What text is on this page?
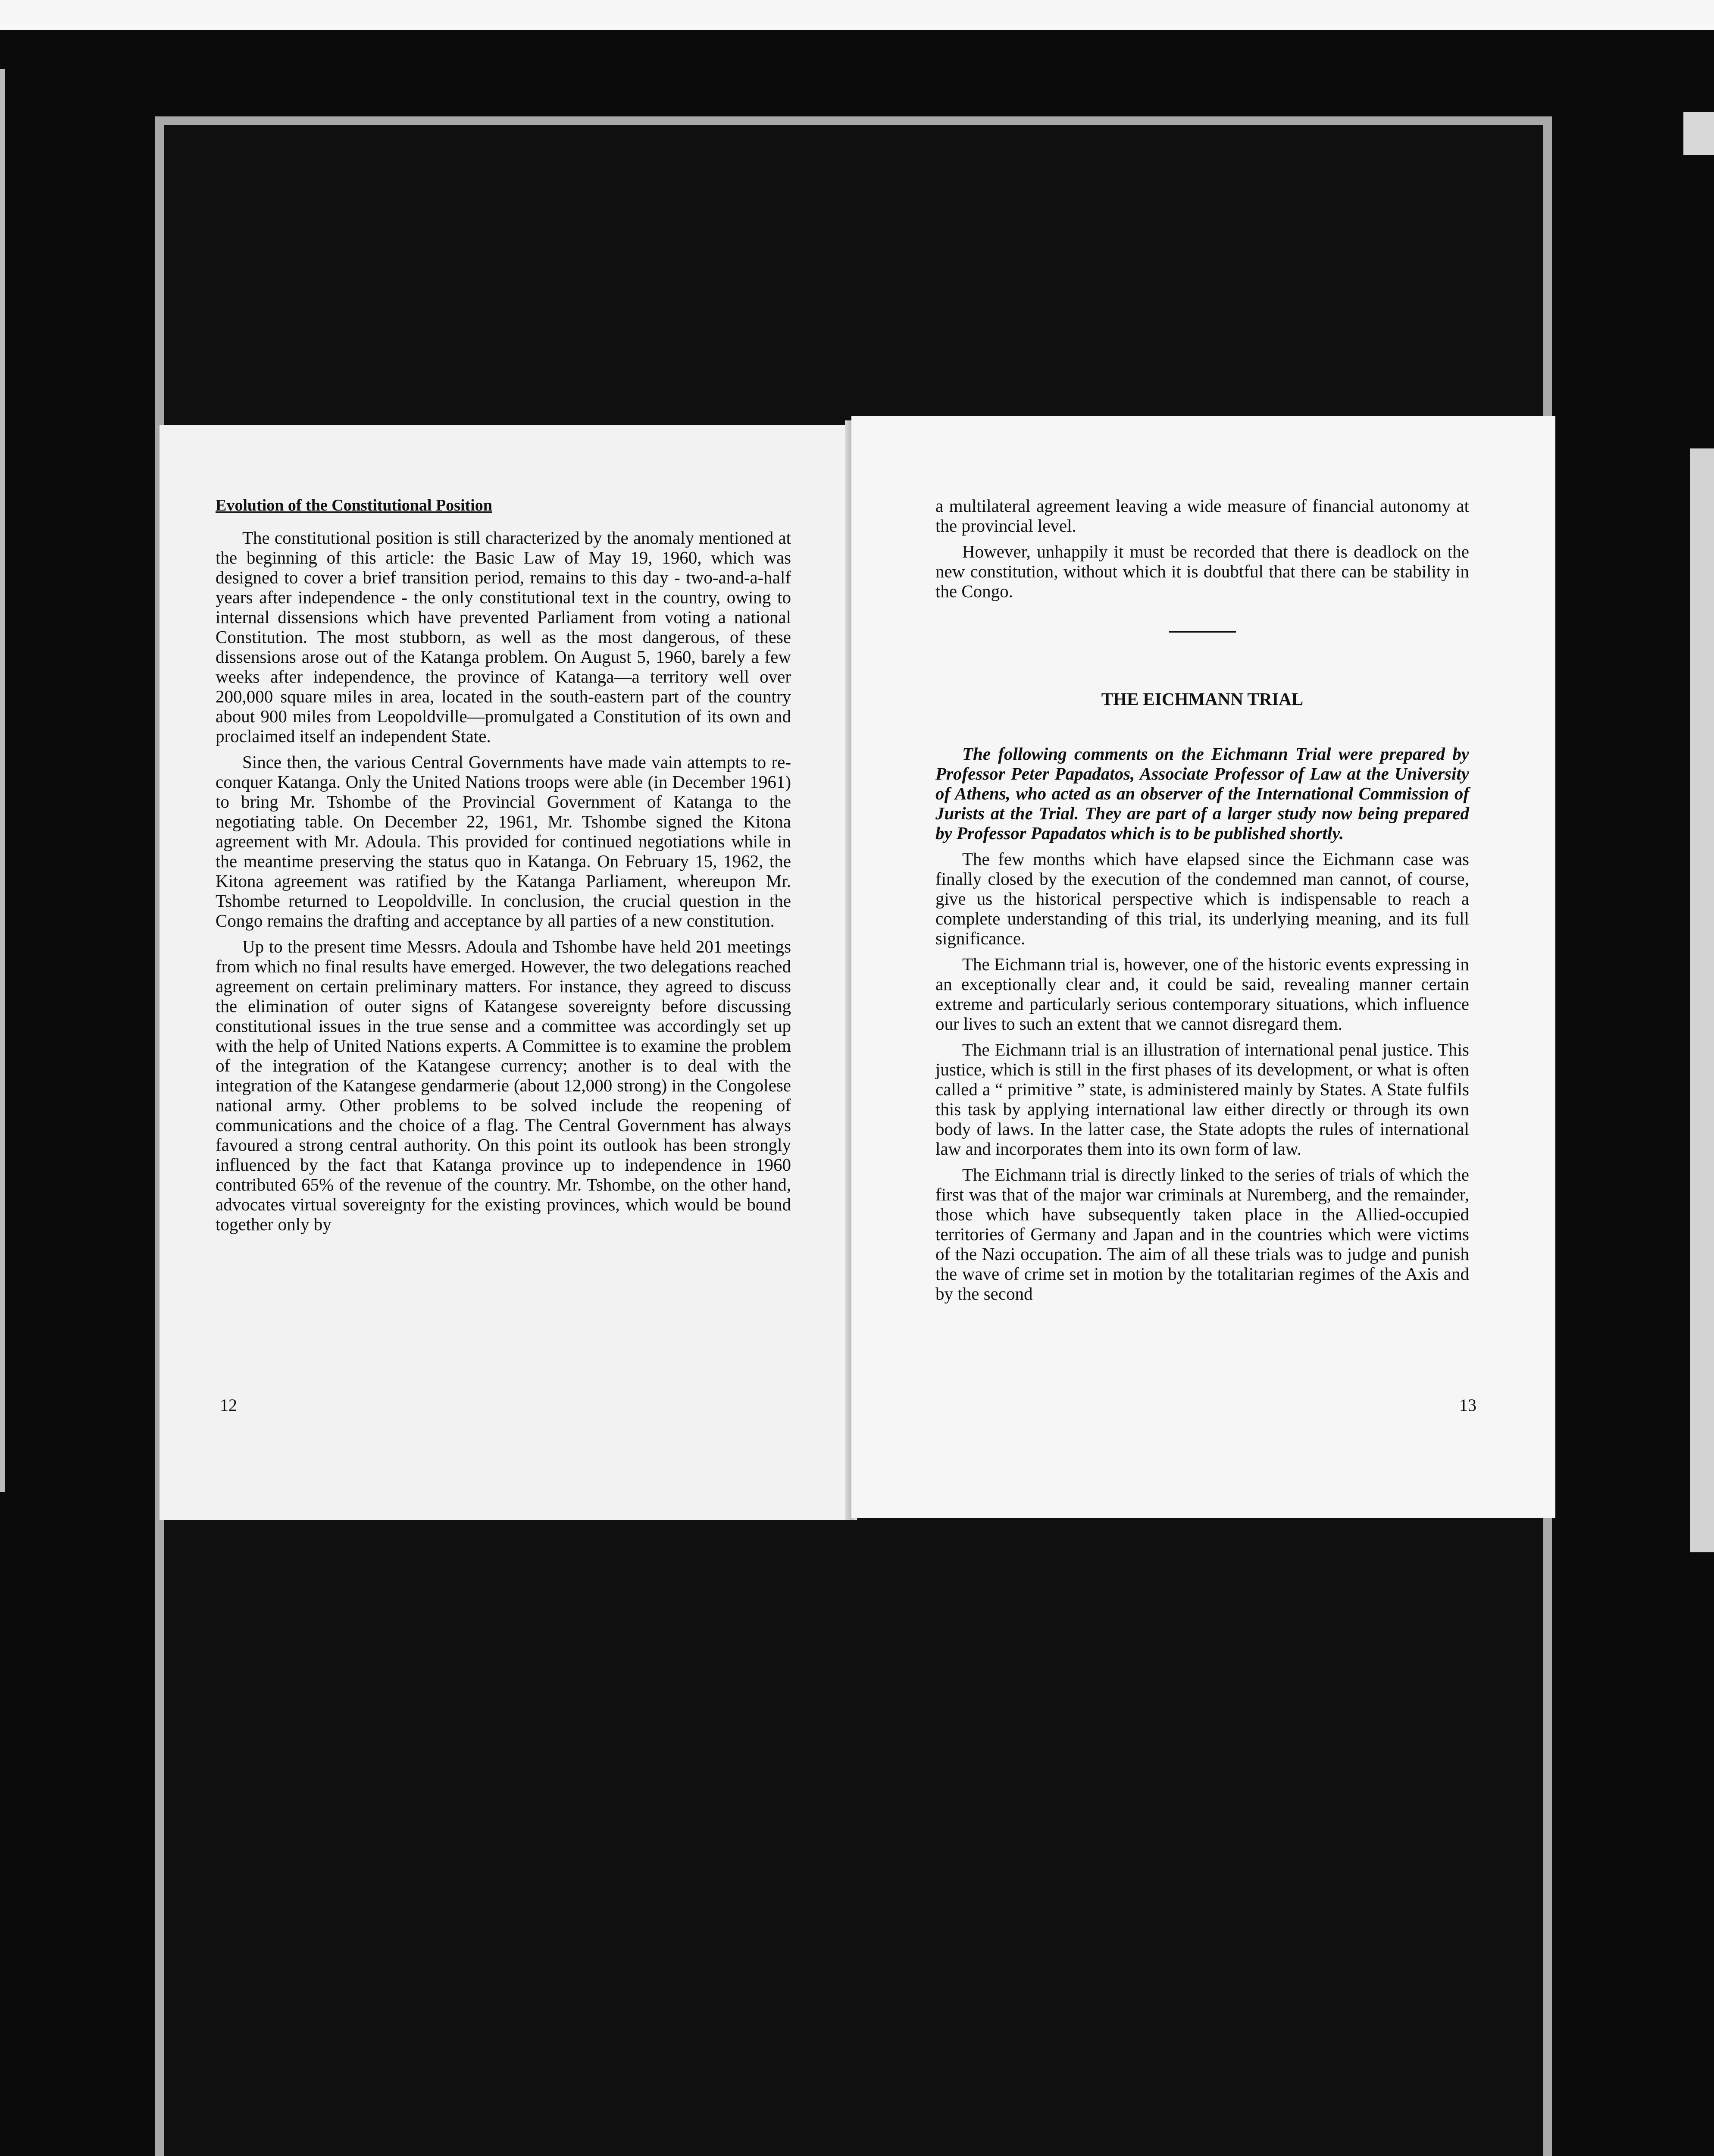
Evolution of the Constitutional Position

The constitutional position is still characterized by the anomaly mentioned at the beginning of this article: the Basic Law of May 19, 1960, which was designed to cover a brief transition period, remains to this day - two-and-a-half years after independence - the only constitutional text in the country, owing to internal dissensions which have prevented Parliament from voting a national Constitution. The most stubborn, as well as the most dangerous, of these dissensions arose out of the Katanga problem. On August 5, 1960, barely a few weeks after independence, the province of Katanga—a territory well over 200,000 square miles in area, located in the south-eastern part of the country about 900 miles from Leopoldville—promulgated a Constitution of its own and proclaimed itself an independent State.

Since then, the various Central Governments have made vain attempts to re-conquer Katanga. Only the United Nations troops were able (in December 1961) to bring Mr. Tshombe of the Provincial Government of Katanga to the negotiating table. On December 22, 1961, Mr. Tshombe signed the Kitona agreement with Mr. Adoula. This provided for continued negotiations while in the meantime preserving the status quo in Katanga. On February 15, 1962, the Kitona agreement was ratified by the Katanga Parliament, whereupon Mr. Tshombe returned to Leopoldville. In conclusion, the crucial question in the Congo remains the drafting and acceptance by all parties of a new constitution.

Up to the present time Messrs. Adoula and Tshombe have held 201 meetings from which no final results have emerged. However, the two delegations reached agreement on certain preliminary matters. For instance, they agreed to discuss the elimination of outer signs of Katangese sovereignty before discussing constitutional issues in the true sense and a committee was accordingly set up with the help of United Nations experts. A Committee is to examine the problem of the integration of the Katangese currency; another is to deal with the integration of the Katangese gendarmerie (about 12,000 strong) in the Congolese national army. Other problems to be solved include the reopening of communications and the choice of a flag. The Central Government has always favoured a strong central authority. On this point its outlook has been strongly influenced by the fact that Katanga province up to independence in 1960 contributed 65% of the revenue of the country. Mr. Tshombe, on the other hand, advocates virtual sovereignty for the existing provinces, which would be bound together only by

12

a multilateral agreement leaving a wide measure of financial autonomy at the provincial level.

However, unhappily it must be recorded that there is deadlock on the new constitution, without which it is doubtful that there can be stability in the Congo.

THE EICHMANN TRIAL

The following comments on the Eichmann Trial were prepared by Professor Peter Papadatos, Associate Professor of Law at the University of Athens, who acted as an observer of the International Commission of Jurists at the Trial. They are part of a larger study now being prepared by Professor Papadatos which is to be published shortly.

The few months which have elapsed since the Eichmann case was finally closed by the execution of the condemned man cannot, of course, give us the historical perspective which is indispensable to reach a complete understanding of this trial, its underlying meaning, and its full significance.

The Eichmann trial is, however, one of the historic events expressing in an exceptionally clear and, it could be said, revealing manner certain extreme and particularly serious contemporary situations, which influence our lives to such an extent that we cannot disregard them.

The Eichmann trial is an illustration of international penal justice. This justice, which is still in the first phases of its development, or what is often called a “ primitive ” state, is administered mainly by States. A State fulfils this task by applying international law either directly or through its own body of laws. In the latter case, the State adopts the rules of international law and incorporates them into its own form of law.

The Eichmann trial is directly linked to the series of trials of which the first was that of the major war criminals at Nuremberg, and the remainder, those which have subsequently taken place in the Allied-occupied territories of Germany and Japan and in the countries which were victims of the Nazi occupation. The aim of all these trials was to judge and punish the wave of crime set in motion by the totalitarian regimes of the Axis and by the second

13
